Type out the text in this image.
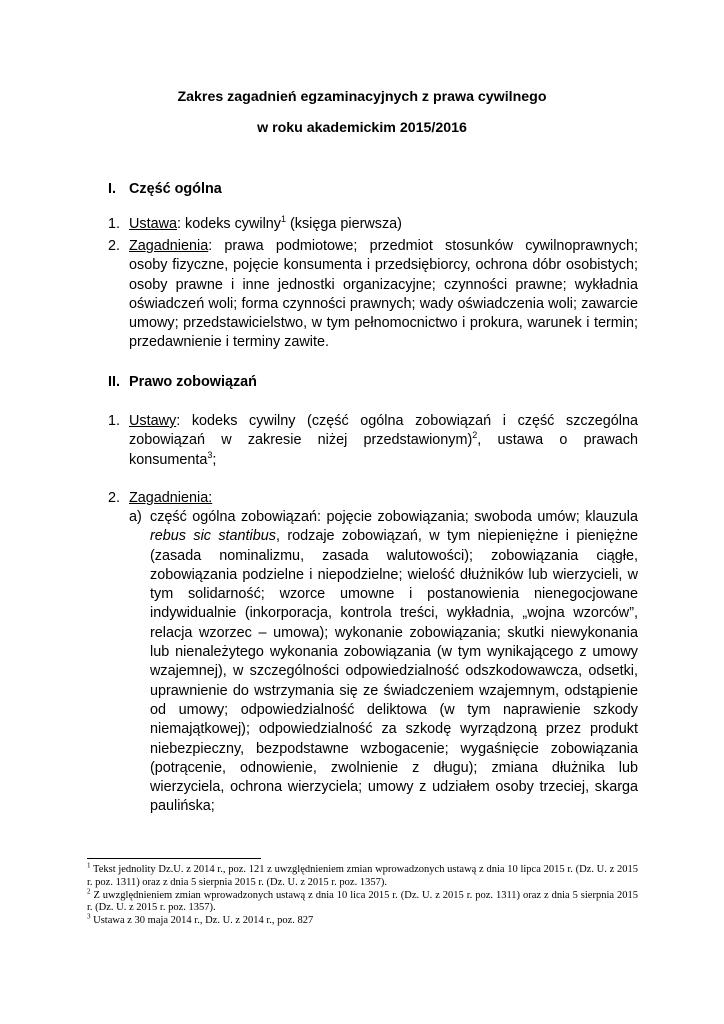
Zakres zagadnień egzaminacyjnych z prawa cywilnego
w roku akademickim 2015/2016
I. Część ogólna
1. Ustawa: kodeks cywilny$^1$ (księga pierwsza)
2. Zagadnienia: prawa podmiotowe; przedmiot stosunków cywilnoprawnych; osoby fizyczne, pojęcie konsumenta i przedsiębiorcy, ochrona dóbr osobistych; osoby prawne i inne jednostki organizacyjne; czynności prawne; wykładnia oświadczeń woli; forma czynności prawnych; wady oświadczenia woli; zawarcie umowy; przedstawicielstwo, w tym pełnomocnictwo i prokura, warunek i termin; przedawnienie i terminy zawite.
II. Prawo zobowiązań
1. Ustawy: kodeks cywilny (część ogólna zobowiązań i część szczególna zobowiązań w zakresie niżej przedstawionym)$^2$, ustawa o prawach konsumenta$^3$;
2. Zagadnienia:
a) część ogólna zobowiązań: pojęcie zobowiązania; swoboda umów; klauzula rebus sic stantibus, rodzaje zobowiązań, w tym niepieniężne i pieniężne (zasada nominalizmu, zasada walutowości); zobowiązania ciągłe, zobowiązania podzielne i niepodzielne; wielość dłużników lub wierzycieli, w tym solidarność; wzorce umowne i postanowienia nienegocjowane indywidualnie (inkorporacja, kontrola treści, wykładnia, „wojna wzorców”, relacja wzorzec – umowa); wykonanie zobowiązania; skutki niewykonania lub nienależytego wykonania zobowiązania (w tym wynikającego z umowy wzajemnej), w szczególności odpowiedzialność odszkodowawcza, odsetki, uprawnienie do wstrzymania się ze świadczeniem wzajemnym, odstąpienie od umowy; odpowiedzialność deliktowa (w tym naprawienie szkody niemajątkowej); odpowiedzialność za szkodę wyrządzoną przez produkt niebezpieczny, bezpodstawne wzbogacenie; wygaśnięcie zobowiązania (potrącenie, odnowienie, zwolnienie z długu); zmiana dłużnika lub wierzyciela, ochrona wierzyciela; umowy z udziałem osoby trzeciej, skarga paulińska;
$^1$ Tekst jednolity Dz.U. z 2014 r., poz. 121 z uwzględnieniem zmian wprowadzonych ustawą z dnia 10 lipca 2015 r. (Dz. U. z 2015 r. poz. 1311) oraz z dnia 5 sierpnia 2015 r. (Dz. U. z 2015 r. poz. 1357).
$^2$ Z uwzględnieniem zmian wprowadzonych ustawą z dnia 10 lica 2015 r. (Dz. U. z 2015 r. poz. 1311) oraz z dnia 5 sierpnia 2015 r. (Dz. U. z 2015 r. poz. 1357).
$^3$ Ustawa z 30 maja 2014 r., Dz. U. z 2014 r., poz. 827
